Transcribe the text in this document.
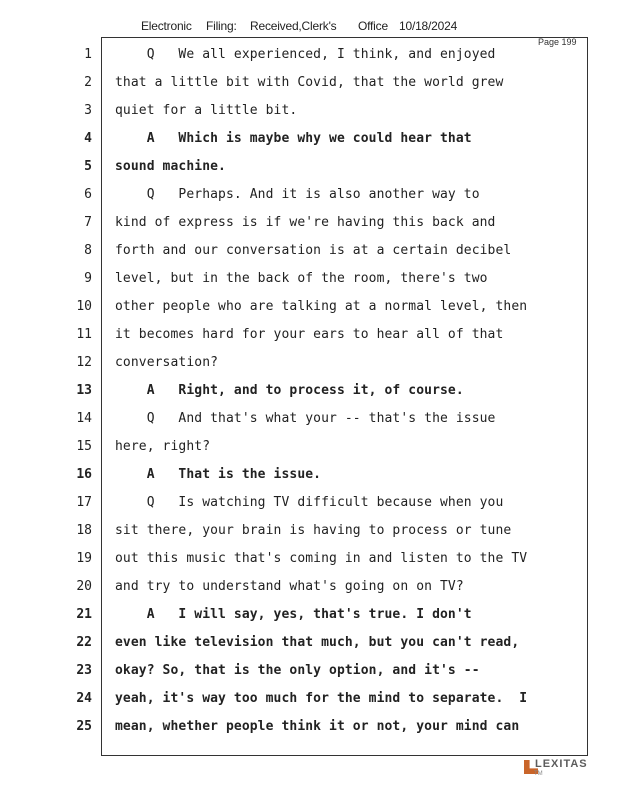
Electronic Filing: Received,Clerk's Office 10/18/2024
Page 199
1 Q   We all experienced, I think, and enjoyed
2 that a little bit with Covid, that the world grew
3 quiet for a little bit.
4 A   Which is maybe why we could hear that
5 sound machine.
6 Q   Perhaps. And it is also another way to
7 kind of express is if we're having this back and
8 forth and our conversation is at a certain decibel
9 level, but in the back of the room, there's two
10 other people who are talking at a normal level, then
11 it becomes hard for your ears to hear all of that
12 conversation?
13 A   Right, and to process it, of course.
14 Q   And that's what your -- that's the issue
15 here, right?
16 A   That is the issue.
17 Q   Is watching TV difficult because when you
18 sit there, your brain is having to process or tune
19 out this music that's coming in and listen to the TV
20 and try to understand what's going on on TV?
21 A   I will say, yes, that's true. I don't
22 even like television that much, but you can't read,
23 okay? So, that is the only option, and it's --
24 yeah, it's way too much for the mind to separate.  I
25 mean, whether people think it or not, your mind can
LEXITAS
TM
